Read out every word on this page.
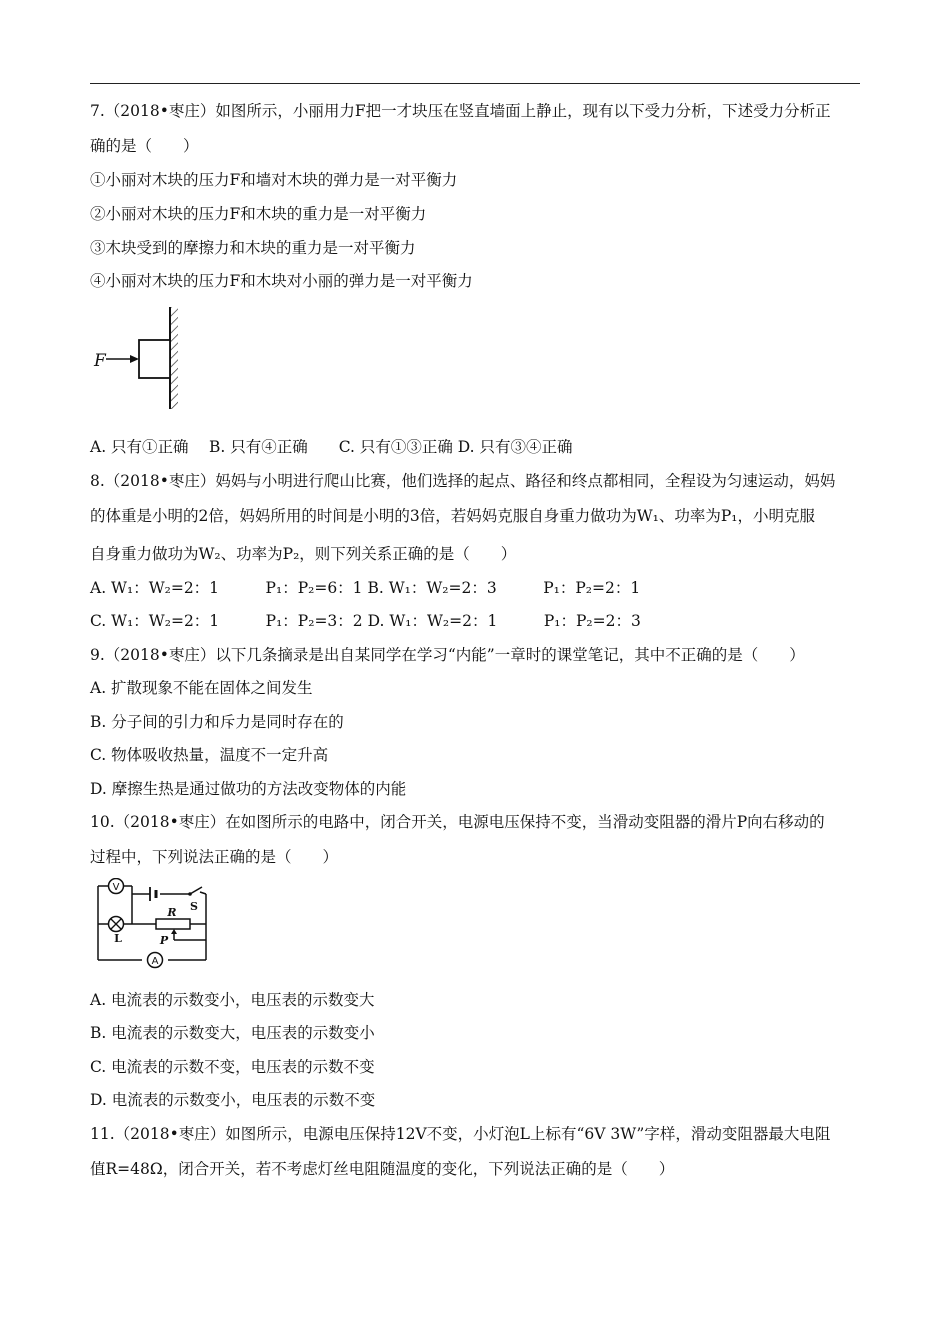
7.（2018•枣庄）如图所示，小丽用力F把一才块压在竖直墙面上静止，现有以下受力分析，下述受力分析正
确的是（　　）
①小丽对木块的压力F和墙对木块的弹力是一对平衡力
②小丽对木块的压力F和木块的重力是一对平衡力
③木块受到的摩擦力和木块的重力是一对平衡力
④小丽对木块的压力F和木块对小丽的弹力是一对平衡力
F
A. 只有①正确　 B. 只有④正确　　C. 只有①③正确 D. 只有③④正确
8.（2018•枣庄）妈妈与小明进行爬山比赛，他们选择的起点、路径和终点都相同，全程设为匀速运动，妈妈
的体重是小明的2倍，妈妈所用的时间是小明的3倍，若妈妈克服自身重力做功为W₁、功率为P₁，小明克服
自身重力做功为W₂、功率为P₂，则下列关系正确的是（　　）
A. W₁：W₂=2：1　　　P₁：P₂=6：1 B. W₁：W₂=2：3　　　P₁：P₂=2：1
C. W₁：W₂=2：1　　　P₁：P₂=3：2 D. W₁：W₂=2：1　　　P₁：P₂=2：3
9.（2018•枣庄）以下几条摘录是出自某同学在学习“内能”一章时的课堂笔记，其中不正确的是（　　）
A. 扩散现象不能在固体之间发生
B. 分子间的引力和斥力是同时存在的
C. 物体吸收热量，温度不一定升高
D. 摩擦生热是通过做功的方法改变物体的内能
10.（2018•枣庄）在如图所示的电路中，闭合开关，电源电压保持不变，当滑动变阻器的滑片P向右移动的
过程中，下列说法正确的是（　　）
V
S
L
R
P
A
A. 电流表的示数变小，电压表的示数变大
B. 电流表的示数变大，电压表的示数变小
C. 电流表的示数不变，电压表的示数不变
D. 电流表的示数变小，电压表的示数不变
11.（2018•枣庄）如图所示，电源电压保持12V不变，小灯泡L上标有“6V 3W”字样，滑动变阻器最大电阻
值R=48Ω，闭合开关，若不考虑灯丝电阻随温度的变化，下列说法正确的是（　　）
